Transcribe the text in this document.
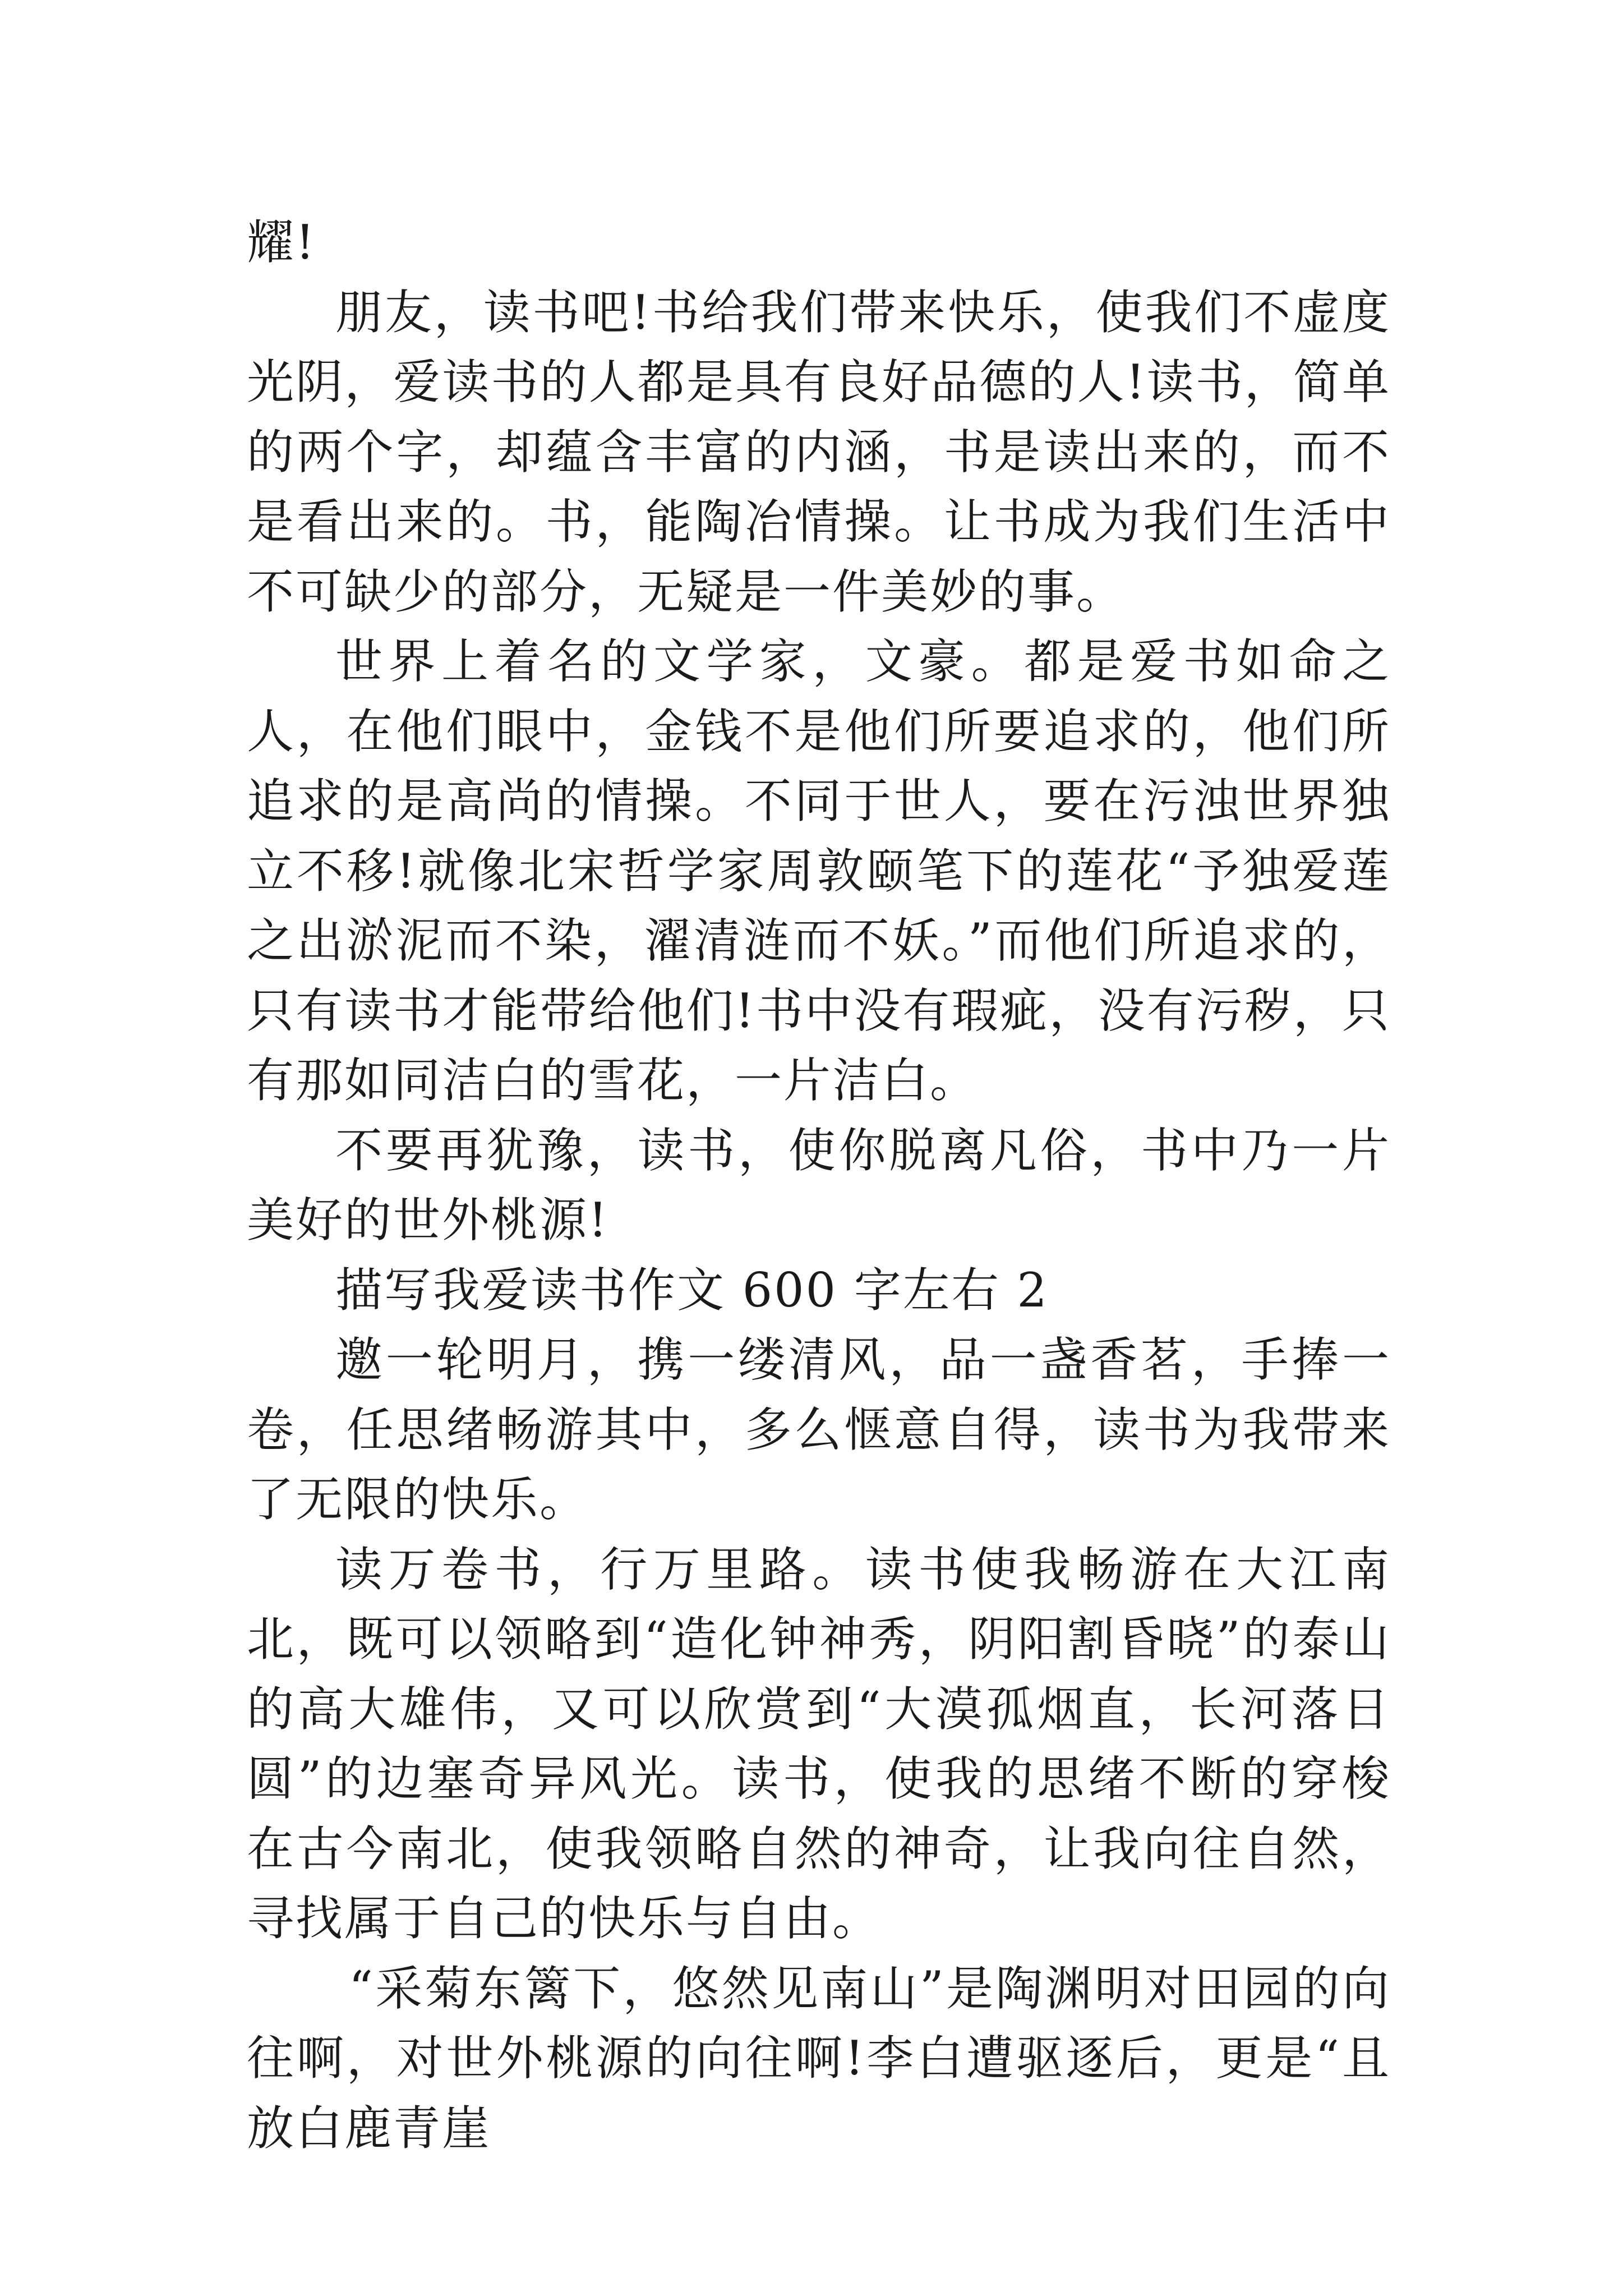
耀!

朋友，读书吧!书给我们带来快乐，使我们不虚度光阴，爱读书的人都是具有良好品德的人!读书，简单的两个字，却蕴含丰富的内涵，书是读出来的，而不是看出来的。书，能陶冶情操。让书成为我们生活中不可缺少的部分，无疑是一件美妙的事。

世界上着名的文学家，文豪。都是爱书如命之人，在他们眼中，金钱不是他们所要追求的，他们所追求的是高尚的情操。不同于世人，要在污浊世界独立不移!就像北宋哲学家周敦颐笔下的莲花“予独爱莲之出淤泥而不染，濯清涟而不妖。”而他们所追求的，只有读书才能带给他们!书中没有瑕疵，没有污秽，只有那如同洁白的雪花，一片洁白。

不要再犹豫，读书，使你脱离凡俗，书中乃一片美好的世外桃源!

描写我爱读书作文 600 字左右 2

邀一轮明月，携一缕清风，品一盏香茗，手捧一卷，任思绪畅游其中，多么惬意自得，读书为我带来了无限的快乐。

读万卷书，行万里路。读书使我畅游在大江南北，既可以领略到“造化钟神秀，阴阳割昏晓”的泰山的高大雄伟，又可以欣赏到“大漠孤烟直，长河落日圆”的边塞奇异风光。读书，使我的思绪不断的穿梭在古今南北，使我领略自然的神奇，让我向往自然，寻找属于自己的快乐与自由。

“采菊东篱下，悠然见南山”是陶渊明对田园的向往啊，对世外桃源的向往啊!李白遭驱逐后，更是“且放白鹿青崖
